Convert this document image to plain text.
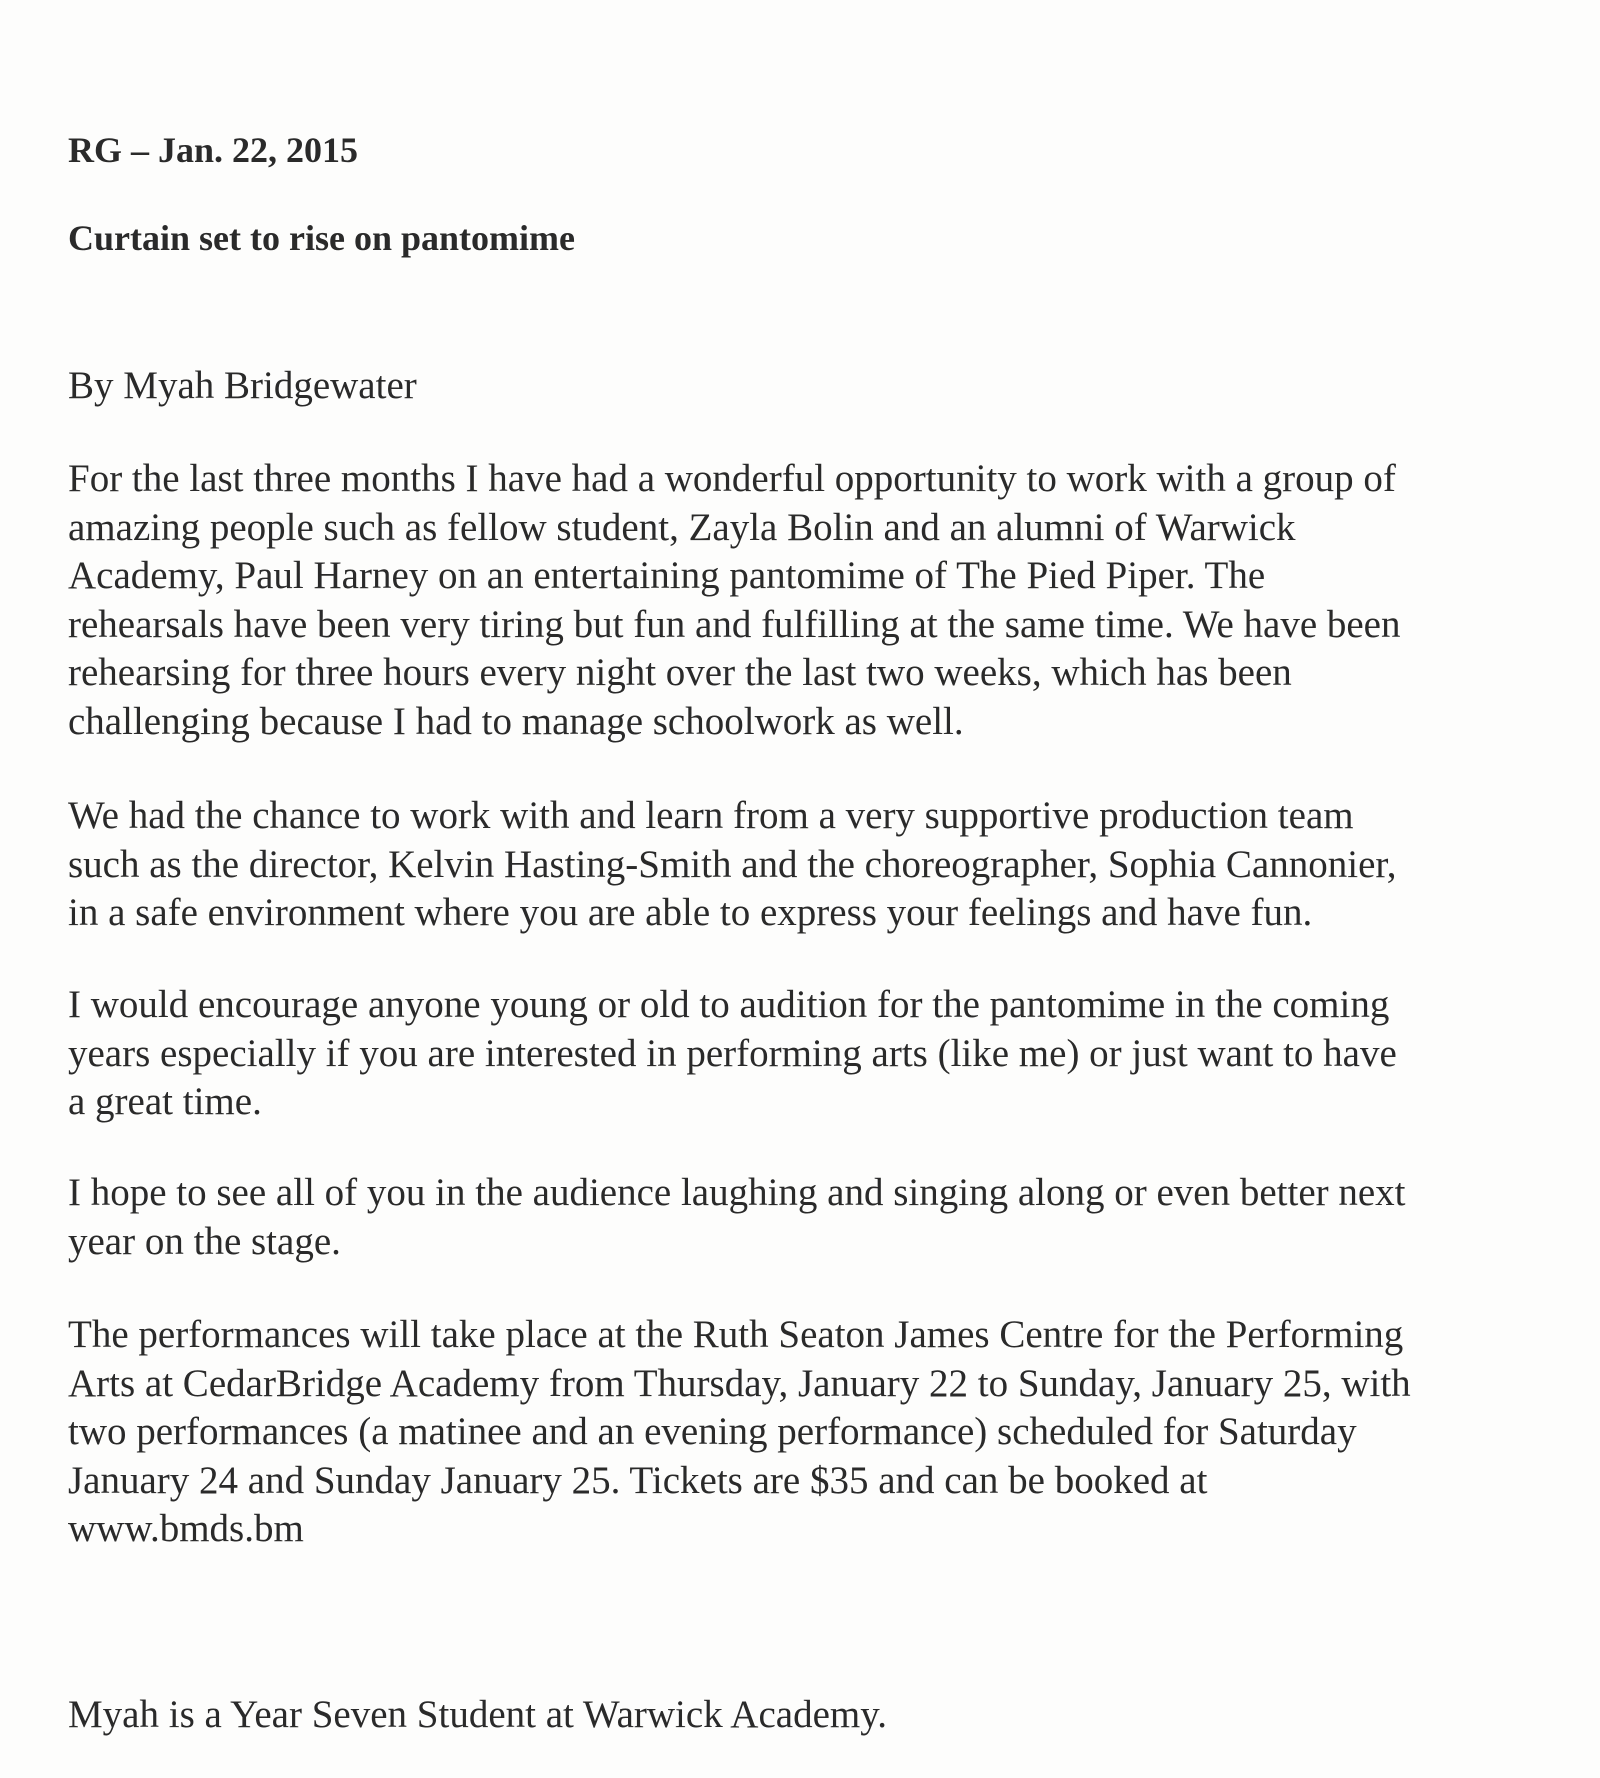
RG – Jan. 22, 2015
Curtain set to rise on pantomime
By Myah Bridgewater
For the last three months I have had a wonderful opportunity to work with a group of
amazing people such as fellow student, Zayla Bolin and an alumni of Warwick
Academy, Paul Harney on an entertaining pantomime of The Pied Piper. The
rehearsals have been very tiring but fun and fulfilling at the same time. We have been
rehearsing for three hours every night over the last two weeks, which has been
challenging because I had to manage schoolwork as well.
We had the chance to work with and learn from a very supportive production team
such as the director, Kelvin Hasting-Smith and the choreographer, Sophia Cannonier,
in a safe environment where you are able to express your feelings and have fun.
I would encourage anyone young or old to audition for the pantomime in the coming
years especially if you are interested in performing arts (like me) or just want to have
a great time.
I hope to see all of you in the audience laughing and singing along or even better next
year on the stage.
The performances will take place at the Ruth Seaton James Centre for the Performing
Arts at CedarBridge Academy from Thursday, January 22 to Sunday, January 25, with
two performances (a matinee and an evening performance) scheduled for Saturday
January 24 and Sunday January 25. Tickets are $35 and can be booked at
www.bmds.bm
Myah is a Year Seven Student at Warwick Academy.
